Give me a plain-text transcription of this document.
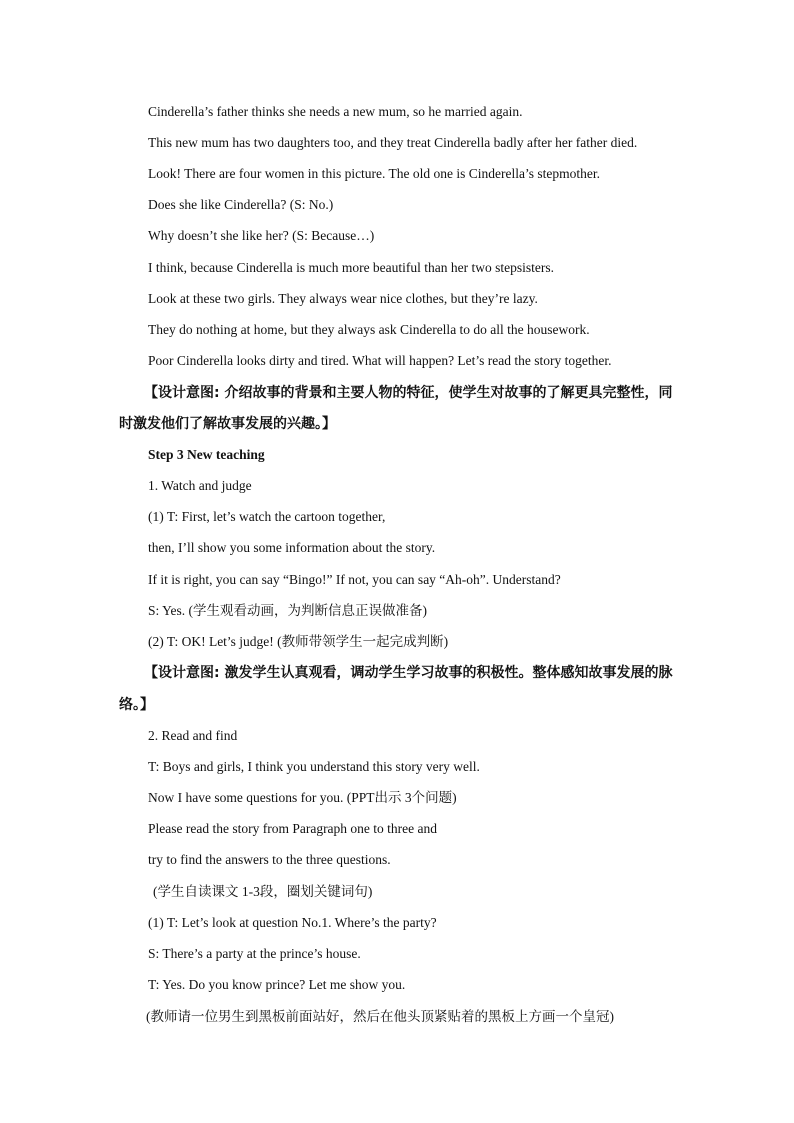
Cinderella’s father thinks she needs a new mum, so he married again.
This new mum has two daughters too, and they treat Cinderella badly after her father died.
Look! There are four women in this picture. The old one is Cinderella’s stepmother.
Does she like Cinderella? (S: No.)
Why doesn’t she like her? (S: Because…)
I think, because Cinderella is much more beautiful than her two stepsisters.
Look at these two girls. They always wear nice clothes, but they’re lazy.
They do nothing at home, but they always ask Cinderella to do all the housework.
Poor Cinderella looks dirty and tired. What will happen? Let’s read the story together.
【设计意图: 介绍故事的背景和主要人物的特征，使学生对故事的了解更具完整性，同
时激发他们了解故事发展的兴趣。】
Step 3 New teaching
1. Watch and judge
(1) T: First, let’s watch the cartoon together,
then, I’ll show you some information about the story.
If it is right, you can say “Bingo!” If not, you can say “Ah-oh”. Understand?
S: Yes. (学生观看动画，为判断信息正误做准备)
(2) T: OK! Let’s judge! (教师带领学生一起完成判断)
【设计意图: 激发学生认真观看，调动学生学习故事的积极性。整体感知故事发展的脉
络。】
2. Read and find
T: Boys and girls, I think you understand this story very well.
Now I have some questions for you. (PPT出示 3个问题)
Please read the story from Paragraph one to three and
try to find the answers to the three questions.
(学生自读课文 1-3段，圈划关键词句)
(1) T: Let’s look at question No.1. Where’s the party?
S: There’s a party at the prince’s house.
T: Yes. Do you know prince? Let me show you.
(教师请一位男生到黑板前面站好，然后在他头顶紧贴着的黑板上方画一个皇冠)
